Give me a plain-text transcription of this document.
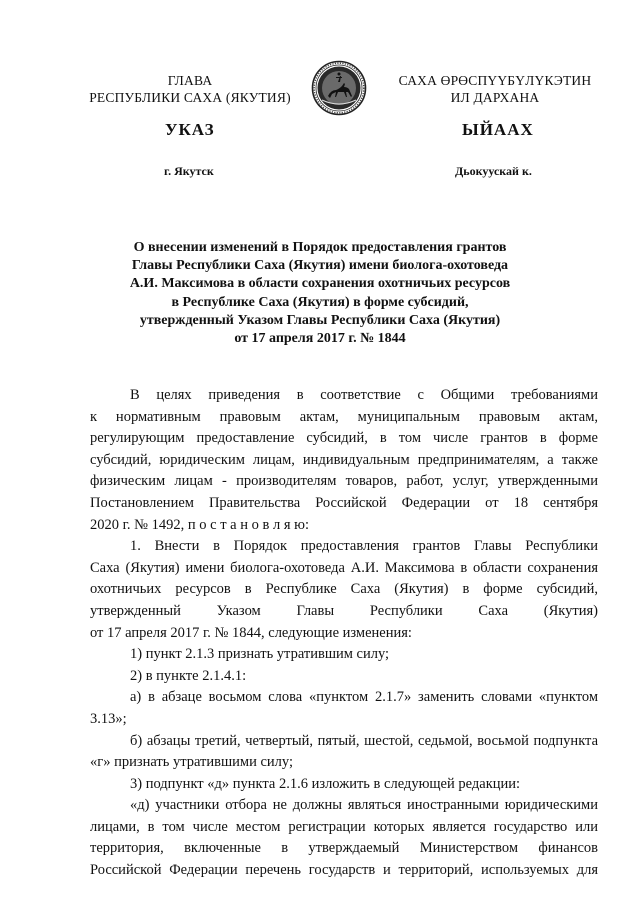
ГЛАВА
РЕСПУБЛИКИ САХА (ЯКУТИЯ)
САХА ӨРӨСПҮҮБҮЛҮКЭТИН
ИЛ ДАРХАНА
УКАЗ	ЫЙААХ
г. Якутск	Дьокуускай к.
О внесении изменений в Порядок предоставления грантов
Главы Республики Саха (Якутия) имени биолога-охотоведа
А.И. Максимова в области сохранения охотничьих ресурсов
в Республике Саха (Якутия) в форме субсидий,
утвержденный Указом Главы Республики Саха (Якутия)
от 17 апреля 2017 г. № 1844
В целях приведения в соответствие с Общими требованиями
к нормативным правовым актам, муниципальным правовым актам,
регулирующим предоставление субсидий, в том числе грантов в форме
субсидий, юридическим лицам, индивидуальным предпринимателям, а также
физическим лицам - производителям товаров, работ, услуг, утвержденными
Постановлением Правительства Российской Федерации от 18 сентября
2020 г. № 1492, п о с т а н о в л я ю:
1. Внести в Порядок предоставления грантов Главы Республики
Саха (Якутия) имени биолога-охотоведа А.И. Максимова в области сохранения
охотничьих ресурсов в Республике Саха (Якутия) в форме субсидий,
утвержденный Указом Главы Республики Саха (Якутия)
от 17 апреля 2017 г. № 1844, следующие изменения:
1) пункт 2.1.3 признать утратившим силу;
2) в пункте 2.1.4.1:
а) в абзаце восьмом слова «пунктом 2.1.7» заменить словами «пунктом
3.13»;
б) абзацы третий, четвертый, пятый, шестой, седьмой, восьмой подпункта
«г» признать утратившими силу;
3) подпункт «д» пункта 2.1.6 изложить в следующей редакции:
«д) участники отбора не должны являться иностранными юридическими
лицами, в том числе местом регистрации которых является государство или
территория, включенные в утверждаемый Министерством финансов
Российской Федерации перечень государств и территорий, используемых для
